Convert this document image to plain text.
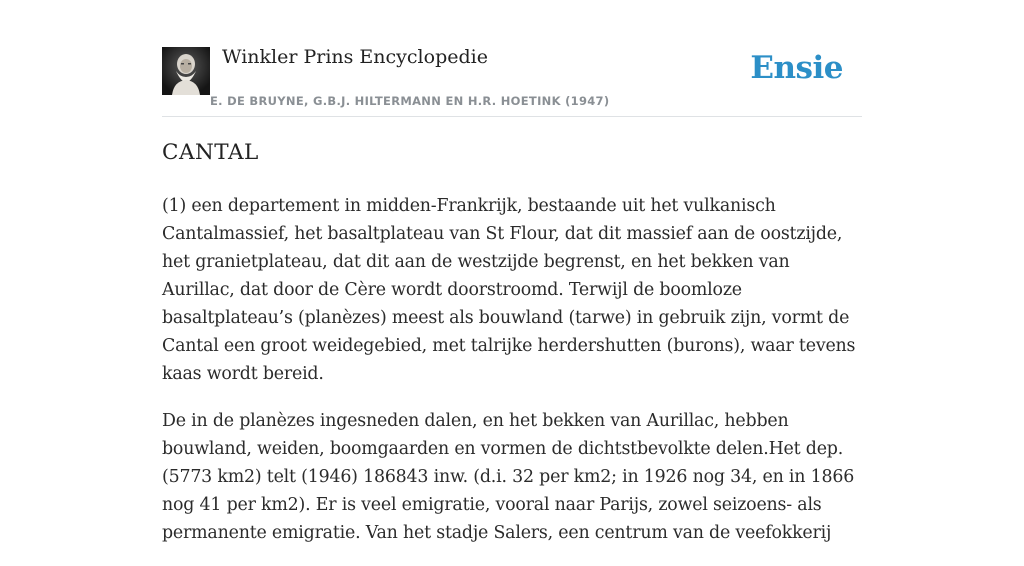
Winkler Prins Encyclopedie
E. DE BRUYNE, G.B.J. HILTERMANN EN H.R. HOETINK (1947)
Ensie
CANTAL

(1) een departement in midden-Frankrijk, bestaande uit het vulkanisch Cantalmassief, het basaltplateau van St Flour, dat dit massief aan de oostzijde, het granietplateau, dat dit aan de westzijde begrenst, en het bekken van Aurillac, dat door de Cère wordt doorstroomd. Terwijl de boomloze basaltplateau’s (planèzes) meest als bouwland (tarwe) in gebruik zijn, vormt de Cantal een groot weidegebied, met talrijke herdershutten (burons), waar tevens kaas wordt bereid.

De in de planèzes ingesneden dalen, en het bekken van Aurillac, hebben bouwland, weiden, boomgaarden en vormen de dichtstbevolkte delen.Het dep. (5773 km2) telt (1946) 186843 inw. (d.i. 32 per km2; in 1926 nog 34, en in 1866 nog 41 per km2). Er is veel emigratie, vooral naar Parijs, zowel seizoens- als permanente emigratie. Van het stadje Salers, een centrum van de veefokkerij
